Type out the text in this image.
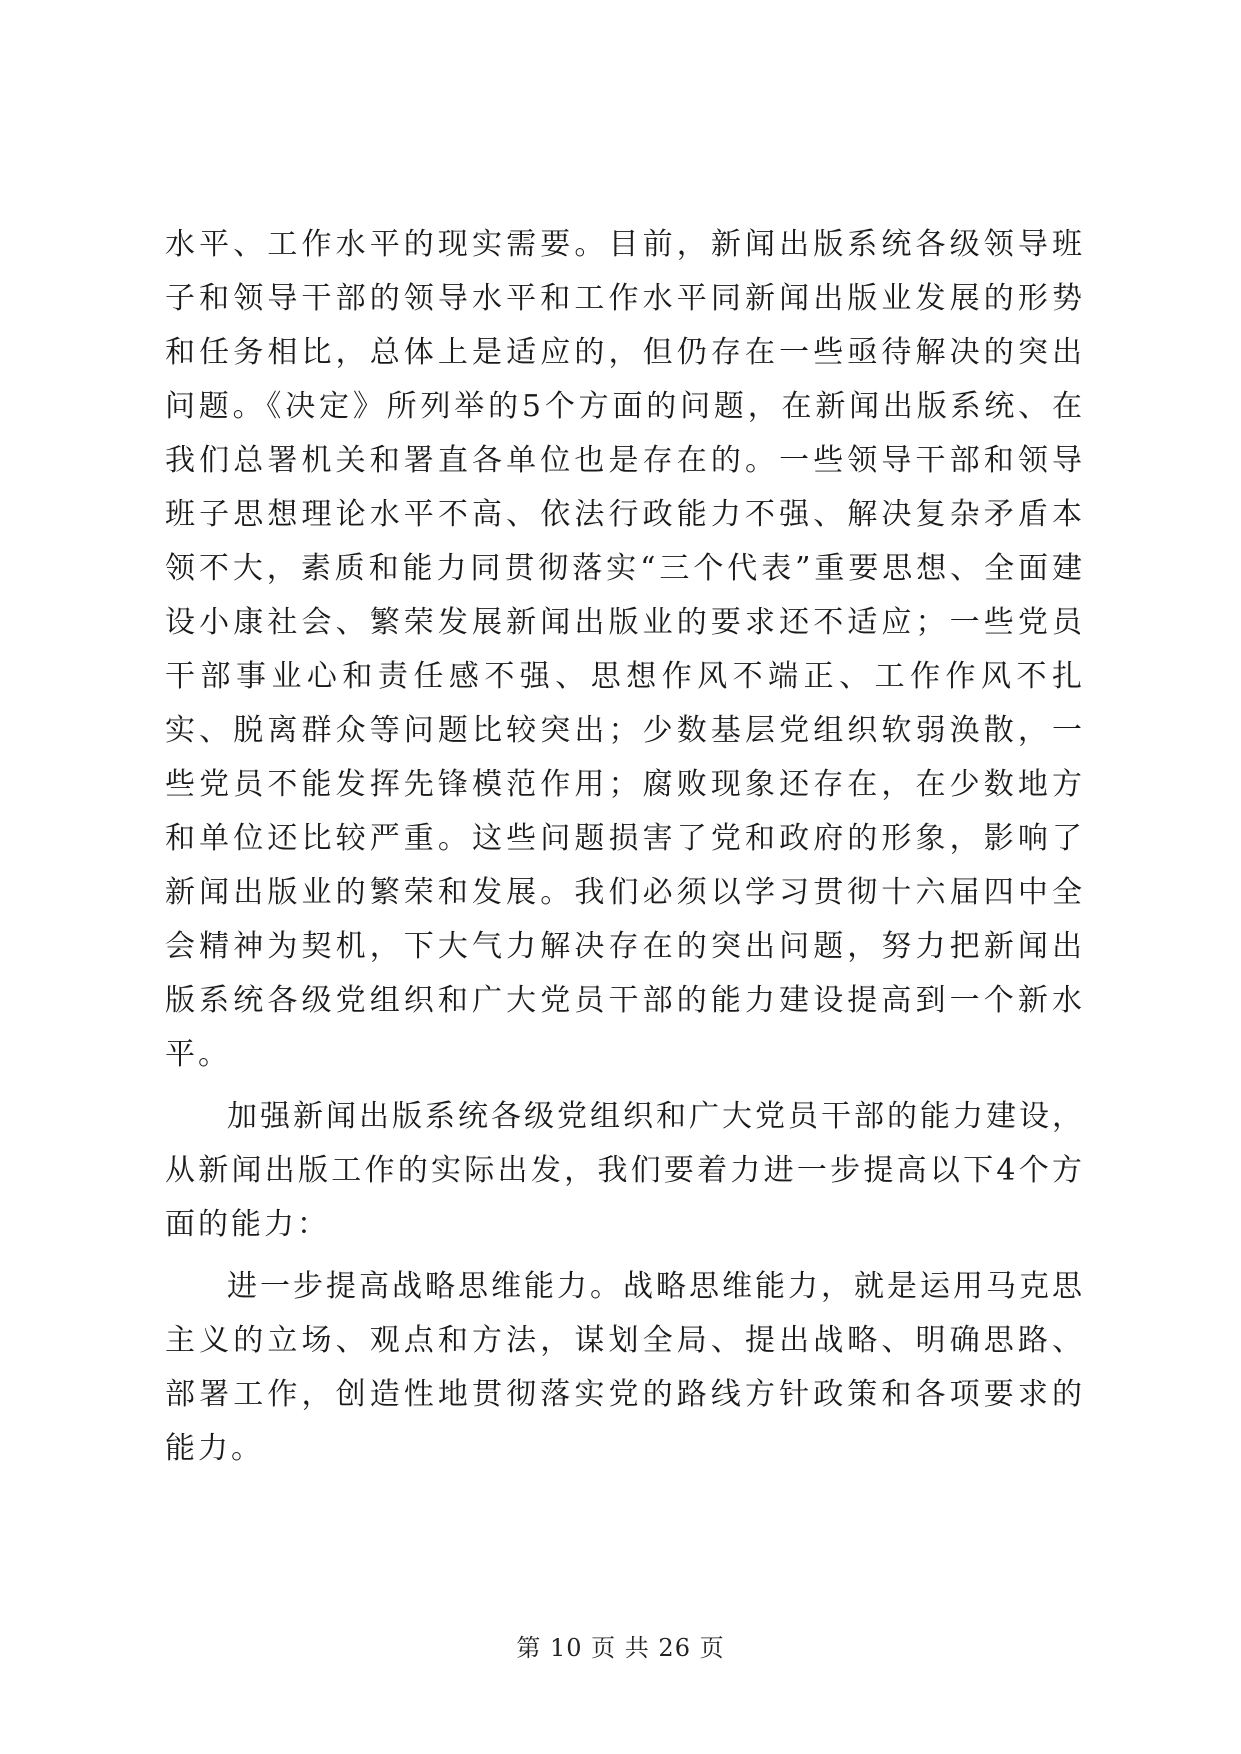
水平、工作水平的现实需要。目前，新闻出版系统各级领导班子和领导干部的领导水平和工作水平同新闻出版业发展的形势和任务相比，总体上是适应的，但仍存在一些亟待解决的突出问题。《决定》所列举的5个方面的问题，在新闻出版系统、在我们总署机关和署直各单位也是存在的。一些领导干部和领导班子思想理论水平不高、依法行政能力不强、解决复杂矛盾本领不大，素质和能力同贯彻落实“三个代表”重要思想、全面建设小康社会、繁荣发展新闻出版业的要求还不适应；一些党员干部事业心和责任感不强、思想作风不端正、工作作风不扎实、脱离群众等问题比较突出；少数基层党组织软弱涣散，一些党员不能发挥先锋模范作用；腐败现象还存在，在少数地方和单位还比较严重。这些问题损害了党和政府的形象，影响了新闻出版业的繁荣和发展。我们必须以学习贯彻十六届四中全会精神为契机，下大气力解决存在的突出问题，努力把新闻出版系统各级党组织和广大党员干部的能力建设提高到一个新水平。

加强新闻出版系统各级党组织和广大党员干部的能力建设，从新闻出版工作的实际出发，我们要着力进一步提高以下4个方面的能力：

进一步提高战略思维能力。战略思维能力，就是运用马克思主义的立场、观点和方法，谋划全局、提出战略、明确思路、部署工作，创造性地贯彻落实党的路线方针政策和各项要求的能力。

第 10 页 共 26 页
